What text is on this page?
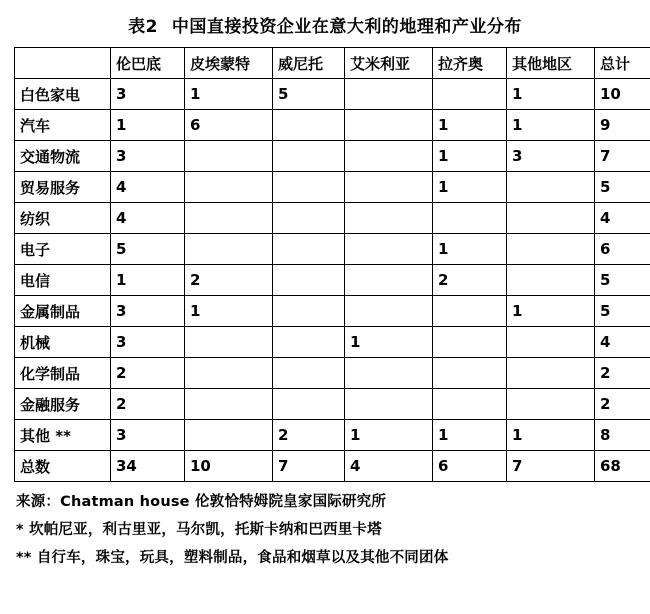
表2 中国直接投资企业在意大利的地理和产业分布
	伦巴底	皮埃蒙特	威尼托	艾米利亚	拉齐奥	其他地区	总计
白色家电	3	1	5			1	10
汽车	1	6			1	1	9
交通物流	3				1	3	7
贸易服务	4				1		5
纺织	4						4
电子	5				1		6
电信	1	2			2		5
金属制品	3	1				1	5
机械	3			1			4
化学制品	2						2
金融服务	2						2
其他 **	3		2	1	1	1	8
总数	34	10	7	4	6	7	68

来源：Chatman house 伦敦恰特姆院皇家国际研究所

* 坎帕尼亚，利古里亚，马尔凯，托斯卡纳和巴西里卡塔

** 自行车，珠宝，玩具，塑料制品，食品和烟草以及其他不同团体
